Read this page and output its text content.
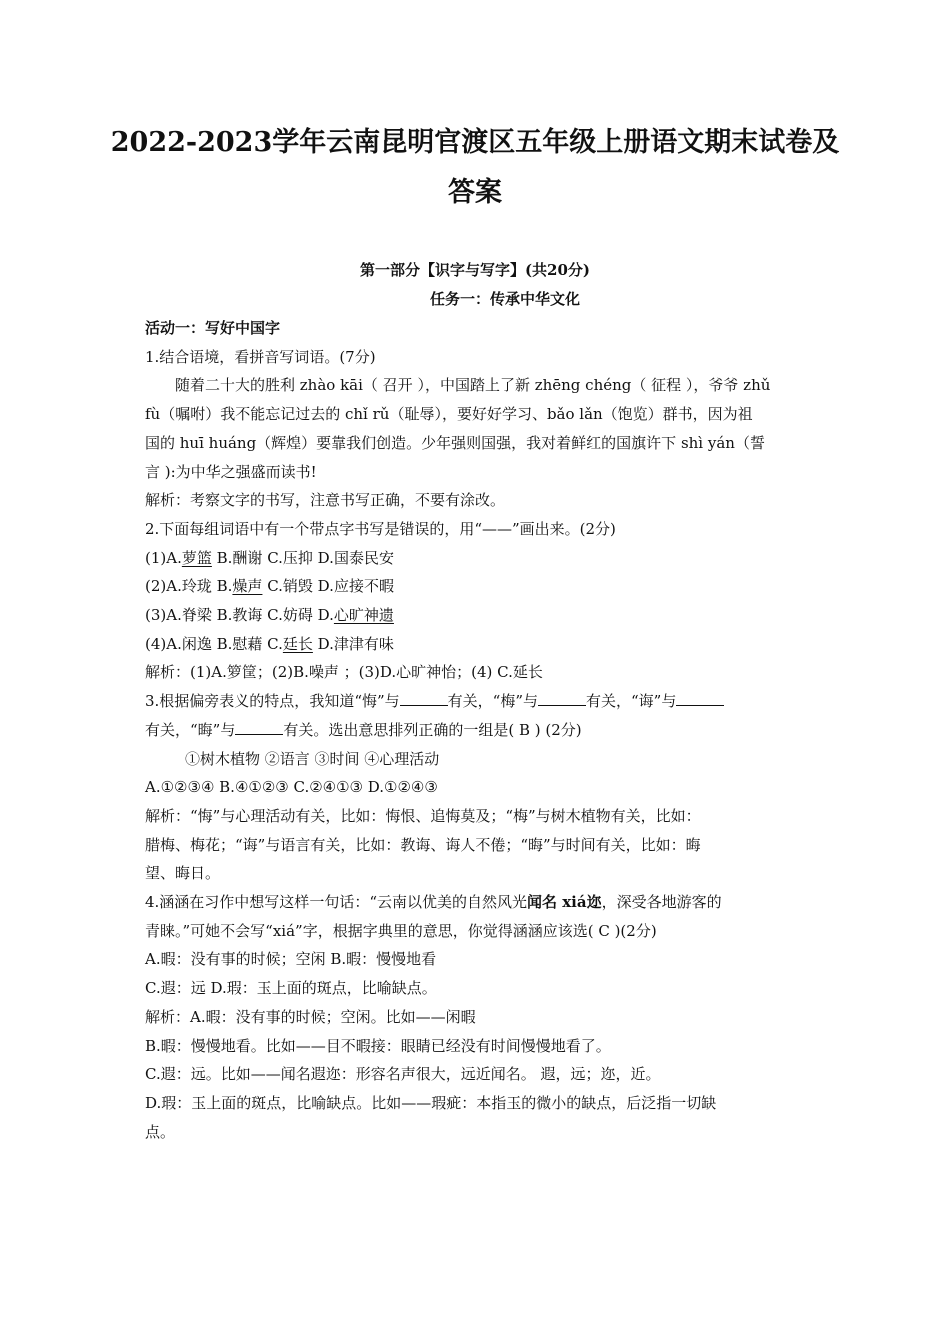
2022-2023学年云南昆明官渡区五年级上册语文期末试卷及
答案
第一部分【识字与写字】(共20分)
任务一：传承中华文化

活动一：写好中国字

1.结合语境，看拼音写词语。(7分)

随着二十大的胜利 zhào kāi（ 召开 ），中国踏上了新 zhēng chéng（ 征程 ），爷爷 zhǔ

fù（嘱咐）我不能忘记过去的 chǐ rǔ（耻辱），要好好学习、bǎo lǎn（饱览）群书，因为祖

国的 huī huáng（辉煌）要靠我们创造。少年强则国强，我对着鲜红的国旗许下 shì yán（誓

言 ):为中华之强盛而读书!

解析：考察文字的书写，注意书写正确，不要有涂改。

2.下面每组词语中有一个带点字书写是错误的，用“——”画出来。(2分)

(1)A.萝篮 B.酬谢 C.压抑 D.国泰民安

(2)A.玲珑 B.燥声 C.销毁 D.应接不暇

(3)A.脊梁 B.教诲 C.妨碍 D.心旷神遗

(4)A.闲逸 B.慰藉 C.廷长 D.津津有味

解析：(1)A.箩筐；(2)B.噪声 ；(3)D.心旷神怡；(4) C.延长

3.根据偏旁表义的特点，我知道“悔”与	有关，“梅”与	有关，“诲”与

有关，“晦”与	有关。选出意思排列正确的一组是( B ) (2分)

①树木植物 ②语言 ③时间 ④心理活动

A.①②③④ B.④①②③ C.②④①③ D.①②④③

解析：“悔”与心理活动有关，比如：悔恨、追悔莫及；“梅”与树木植物有关，比如：

腊梅、梅花；“诲”与语言有关，比如：教诲、诲人不倦；“晦”与时间有关，比如：晦

望、晦日。

4.涵涵在习作中想写这样一句话：“云南以优美的自然风光闻名 xiá迩，深受各地游客的

青睐。”可她不会写“xiá”字，根据字典里的意思，你觉得涵涵应该选( C )(2分)

A.暇：没有事的时候；空闲 B.暇：慢慢地看

C.遐：远 D.瑕：玉上面的斑点，比喻缺点。

解析：A.暇：没有事的时候；空闲。比如——闲暇

B.暇：慢慢地看。比如——目不暇接：眼睛已经没有时间慢慢地看了。

C.遐：远。比如——闻名遐迩：形容名声很大，远近闻名。 遐，远；迩，近。

D.瑕：玉上面的斑点，比喻缺点。比如——瑕疵：本指玉的微小的缺点，后泛指一切缺

点。
